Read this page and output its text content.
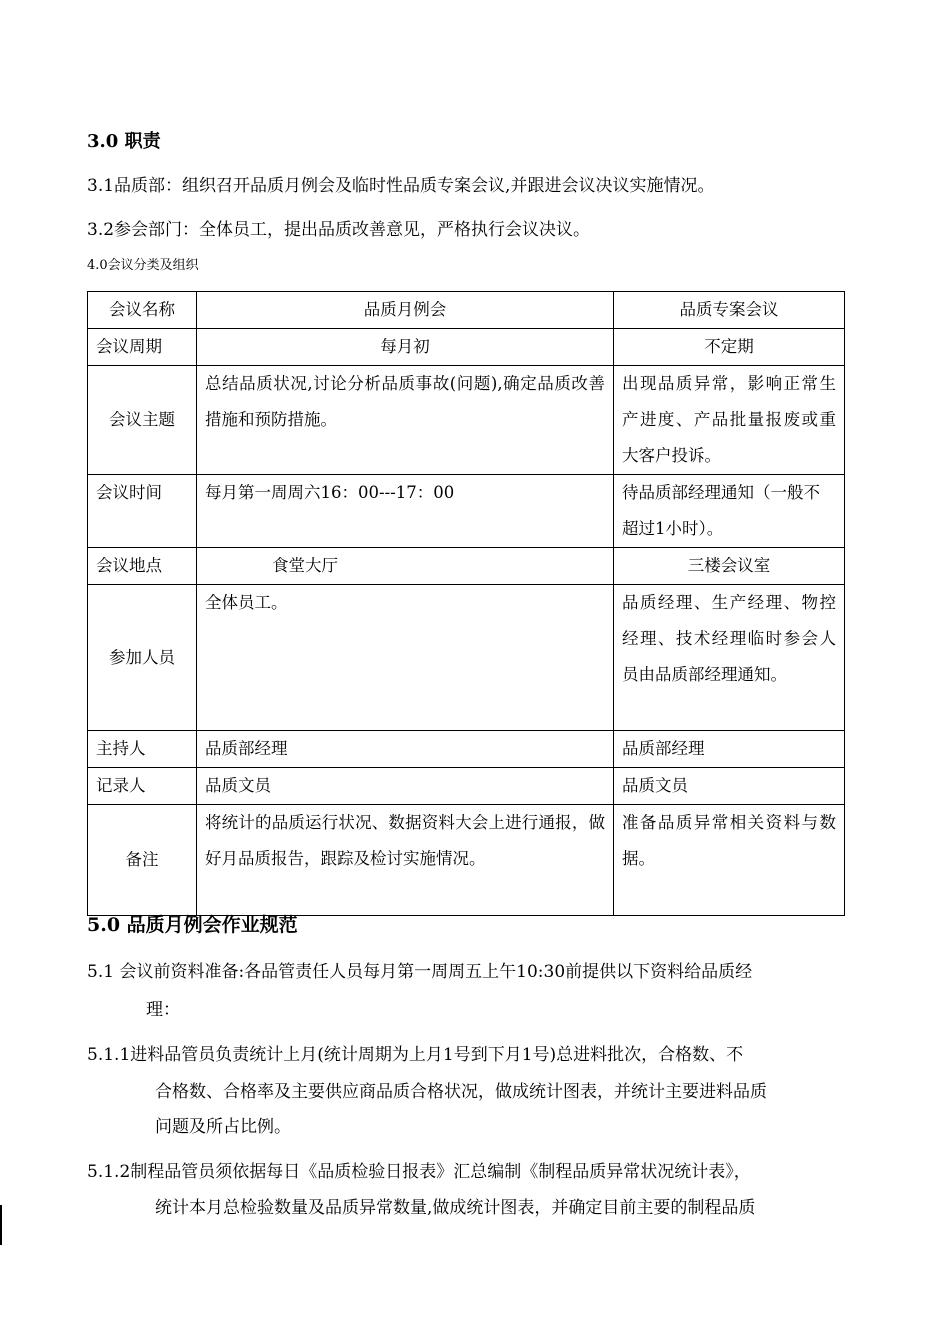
3.0 职责
3.1品质部：组织召开品质月例会及临时性品质专案会议,并跟进会议决议实施情况。
3.2参会部门：全体员工，提出品质改善意见，严格执行会议决议。
4.0会议分类及组织
会议名称	品质月例会	品质专案会议
会议周期	每月初	不定期
会议主题	总结品质状况,讨论分析品质事故(问题),确定品质改善措施和预防措施。	出现品质异常，影响正常生产进度、产品批量报废或重大客户投诉。
会议时间	每月第一周周六16：00---17：00	待品质部经理通知（一般不超过1小时）。
会议地点	食堂大厅	三楼会议室
参加人员	全体员工。	品质经理、生产经理、物控经理、技术经理临时参会人员由品质部经理通知。
主持人	品质部经理	品质部经理
记录人	品质文员	品质文员
备注	将统计的品质运行状况、数据资料大会上进行通报，做好月品质报告，跟踪及检讨实施情况。	准备品质异常相关资料与数据。
5.0 品质月例会作业规范
5.1 会议前资料准备:各品管责任人员每月第一周周五上午10:30前提供以下资料给品质经
理：
5.1.1进料品管员负责统计上月(统计周期为上月1号到下月1号)总进料批次，合格数、不
合格数、合格率及主要供应商品质合格状况，做成统计图表，并统计主要进料品质
问题及所占比例。
5.1.2制程品管员须依据每日《品质检验日报表》汇总编制《制程品质异常状况统计表》，
统计本月总检验数量及品质异常数量,做成统计图表，并确定目前主要的制程品质
